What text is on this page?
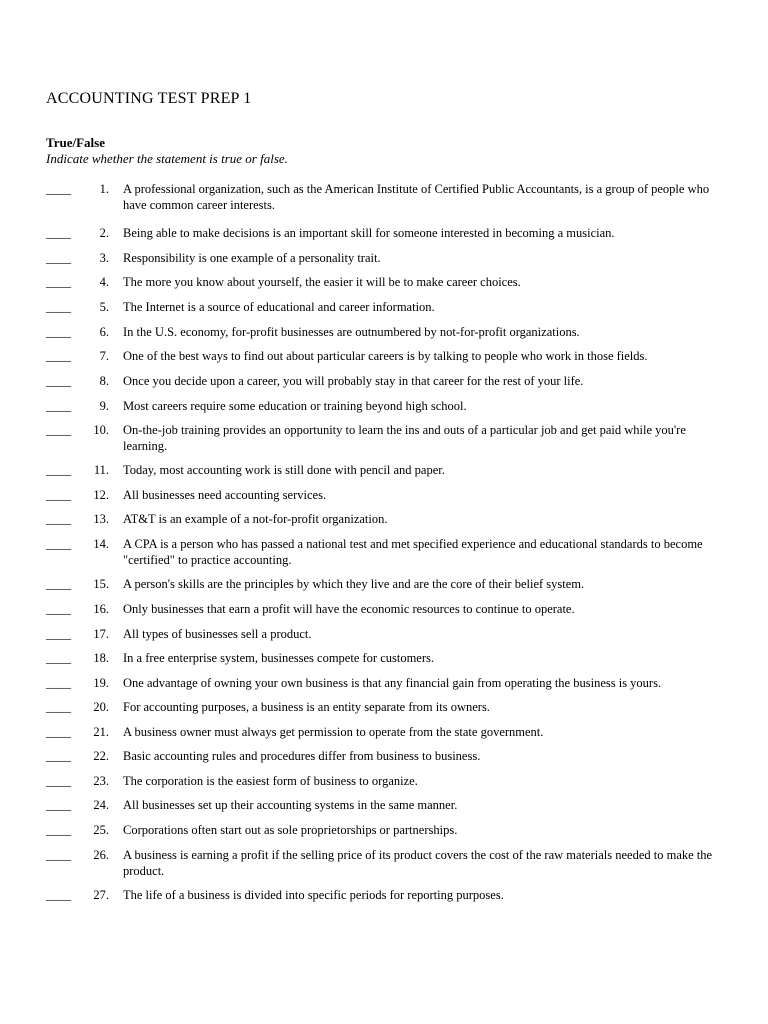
ACCOUNTING TEST PREP 1
True/False
Indicate whether the statement is true or false.
____	1. A professional organization, such as the American Institute of Certified Public Accountants, is a group of people who have common career interests.
____	2. Being able to make decisions is an important skill for someone interested in becoming a musician.
____	3. Responsibility is one example of a personality trait.
____	4. The more you know about yourself, the easier it will be to make career choices.
____	5. The Internet is a source of educational and career information.
____	6. In the U.S. economy, for-profit businesses are outnumbered by not-for-profit organizations.
____	7. One of the best ways to find out about particular careers is by talking to people who work in those fields.
____	8. Once you decide upon a career, you will probably stay in that career for the rest of your life.
____	9. Most careers require some education or training beyond high school.
____	10. On-the-job training provides an opportunity to learn the ins and outs of a particular job and get paid while you're learning.
____	11. Today, most accounting work is still done with pencil and paper.
____	12. All businesses need accounting services.
____	13. AT&T is an example of a not-for-profit organization.
____	14. A CPA is a person who has passed a national test and met specified experience and educational standards to become "certified" to practice accounting.
____	15. A person's skills are the principles by which they live and are the core of their belief system.
____	16. Only businesses that earn a profit will have the economic resources to continue to operate.
____	17. All types of businesses sell a product.
____	18. In a free enterprise system, businesses compete for customers.
____	19. One advantage of owning your own business is that any financial gain from operating the business is yours.
____	20. For accounting purposes, a business is an entity separate from its owners.
____	21. A business owner must always get permission to operate from the state government.
____	22. Basic accounting rules and procedures differ from business to business.
____	23. The corporation is the easiest form of business to organize.
____	24. All businesses set up their accounting systems in the same manner.
____	25. Corporations often start out as sole proprietorships or partnerships.
____	26. A business is earning a profit if the selling price of its product covers the cost of the raw materials needed to make the product.
____	27. The life of a business is divided into specific periods for reporting purposes.
